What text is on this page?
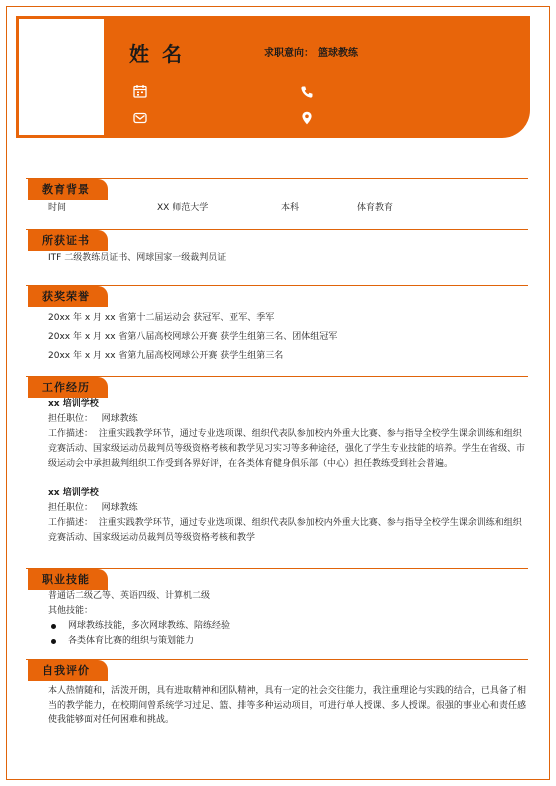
姓 名	求职意向： 篮球教练
教育背景
时间	XX 师范大学	本科	体育教育
所获证书
ITF 二级教练员证书、网球国家一级裁判员证
获奖荣誉
20xx 年 x 月 xx 省第十二届运动会 获冠军、亚军、季军
20xx 年 x 月 xx 省第八届高校网球公开赛 获学生组第三名、团体组冠军
20xx 年 x 月 xx 省第九届高校网球公开赛 获学生组第三名
工作经历
xx 培训学校
担任职位： 网球教练
工作描述： 注重实践教学环节，通过专业选项课、组织代表队参加校内外重大比赛、参与指导全校学生课余训练和组织竞赛活动、国家级运动员裁判员等级资格考核和教学见习实习等多种途径，强化了学生专业技能的培养。学生在省级、市级运动会中承担裁判组织工作受到各界好评，在各类体育健身俱乐部（中心）担任教练受到社会普遍。
xx 培训学校
担任职位： 网球教练
工作描述： 注重实践教学环节，通过专业选项课、组织代表队参加校内外重大比赛、参与指导全校学生课余训练和组织竞赛活动、国家级运动员裁判员等级资格考核和教学
职业技能
普通话二级乙等、英语四级、计算机二级
其他技能：
网球教练技能，多次网球教练、陪练经验
各类体育比赛的组织与策划能力
自我评价
本人热情随和，活泼开朗，具有进取精神和团队精神，具有一定的社会交往能力，我注重理论与实践的结合，已具备了相当的教学能力，在校期间曾系统学习过足、篮、排等多种运动项目，可进行单人授课、多人授课。很强的事业心和责任感使我能够面对任何困难和挑战。
